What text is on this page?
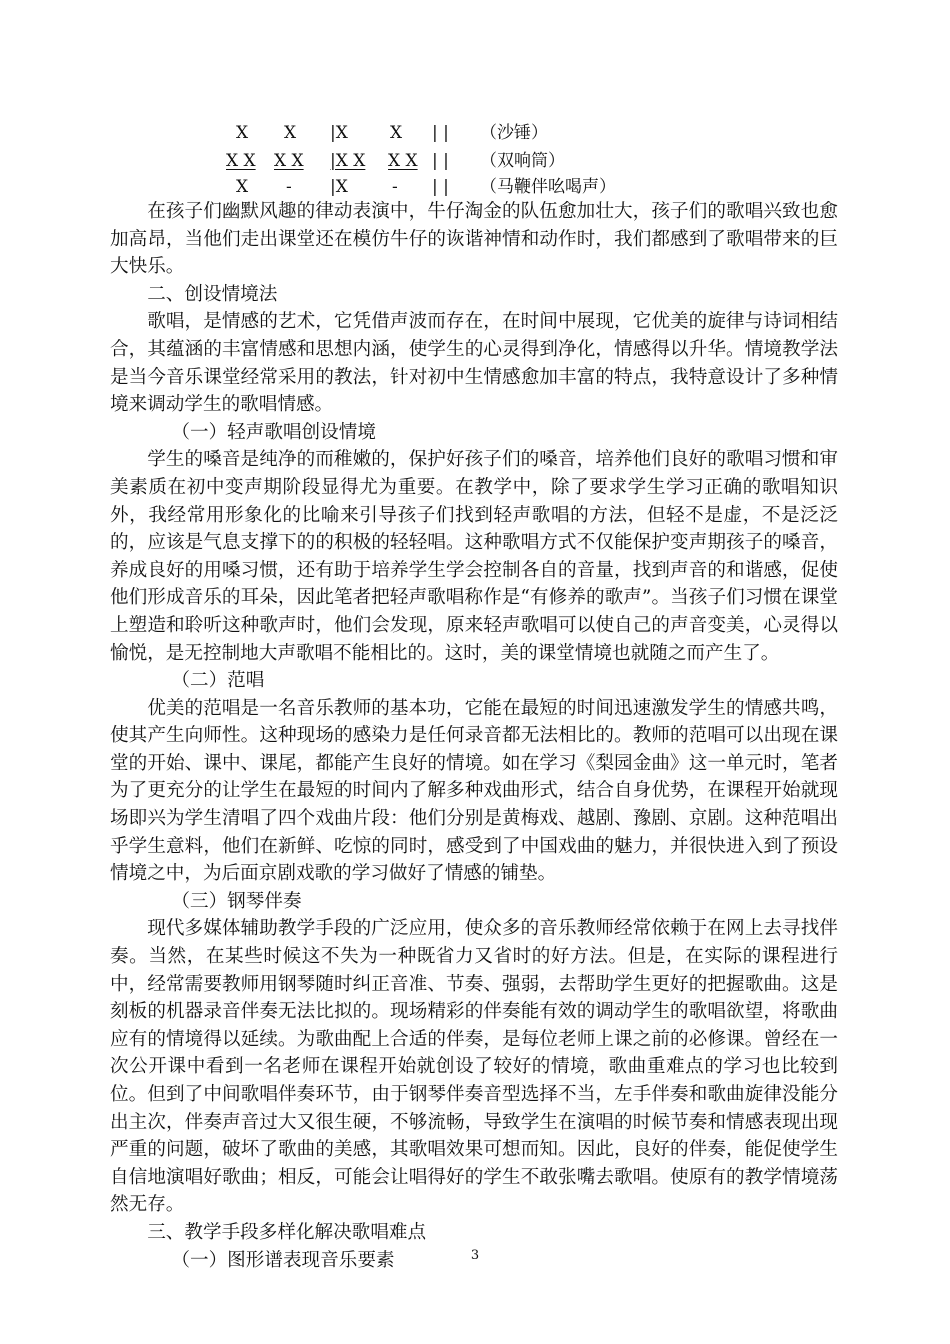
X

X

|X

X

| |

（沙锤）

X X

X X

|X X

X X

| |

（双响筒）

X

-

|X

	-

| |

（马鞭伴吆喝声）

在孩子们幽默风趣的律动表演中，牛仔淘金的队伍愈加壮大，孩子们的歌唱兴致也愈加高昂，当他们走出课堂还在模仿牛仔的诙谐神情和动作时，我们都感到了歌唱带来的巨大快乐。

二、创设情境法

歌唱，是情感的艺术，它凭借声波而存在，在时间中展现，它优美的旋律与诗词相结合，其蕴涵的丰富情感和思想内涵，使学生的心灵得到净化，情感得以升华。情境教学法是当今音乐课堂经常采用的教法，针对初中生情感愈加丰富的特点，我特意设计了多种情境来调动学生的歌唱情感。

（一）轻声歌唱创设情境

学生的嗓音是纯净的而稚嫩的，保护好孩子们的嗓音，培养他们良好的歌唱习惯和审美素质在初中变声期阶段显得尤为重要。在教学中，除了要求学生学习正确的歌唱知识外，我经常用形象化的比喻来引导孩子们找到轻声歌唱的方法，但轻不是虚，不是泛泛的，应该是气息支撑下的的积极的轻轻唱。这种歌唱方式不仅能保护变声期孩子的嗓音，养成良好的用嗓习惯，还有助于培养学生学会控制各自的音量，找到声音的和谐感，促使他们形成音乐的耳朵，因此笔者把轻声歌唱称作是“有修养的歌声”。当孩子们习惯在课堂上塑造和聆听这种歌声时，他们会发现，原来轻声歌唱可以使自己的声音变美，心灵得以愉悦，是无控制地大声歌唱不能相比的。这时，美的课堂情境也就随之而产生了。

（二）范唱

优美的范唱是一名音乐教师的基本功，它能在最短的时间迅速激发学生的情感共鸣，使其产生向师性。这种现场的感染力是任何录音都无法相比的。教师的范唱可以出现在课堂的开始、课中、课尾，都能产生良好的情境。如在学习《梨园金曲》这一单元时，笔者为了更充分的让学生在最短的时间内了解多种戏曲形式，结合自身优势，在课程开始就现场即兴为学生清唱了四个戏曲片段：他们分别是黄梅戏、越剧、豫剧、京剧。这种范唱出乎学生意料，他们在新鲜、吃惊的同时，感受到了中国戏曲的魅力，并很快进入到了预设情境之中，为后面京剧戏歌的学习做好了情感的铺垫。

（三）钢琴伴奏

现代多媒体辅助教学手段的广泛应用，使众多的音乐教师经常依赖于在网上去寻找伴奏。当然，在某些时候这不失为一种既省力又省时的好方法。但是，在实际的课程进行中，经常需要教师用钢琴随时纠正音准、节奏、强弱，去帮助学生更好的把握歌曲。这是刻板的机器录音伴奏无法比拟的。现场精彩的伴奏能有效的调动学生的歌唱欲望，将歌曲应有的情境得以延续。为歌曲配上合适的伴奏，是每位老师上课之前的必修课。曾经在一次公开课中看到一名老师在课程开始就创设了较好的情境，歌曲重难点的学习也比较到位。但到了中间歌唱伴奏环节，由于钢琴伴奏音型选择不当，左手伴奏和歌曲旋律没能分出主次，伴奏声音过大又很生硬，不够流畅，导致学生在演唱的时候节奏和情感表现出现严重的问题，破坏了歌曲的美感，其歌唱效果可想而知。因此，良好的伴奏，能促使学生自信地演唱好歌曲；相反，可能会让唱得好的学生不敢张嘴去歌唱。使原有的教学情境荡然无存。

三、教学手段多样化解决歌唱难点

（一）图形谱表现音乐要素	3
